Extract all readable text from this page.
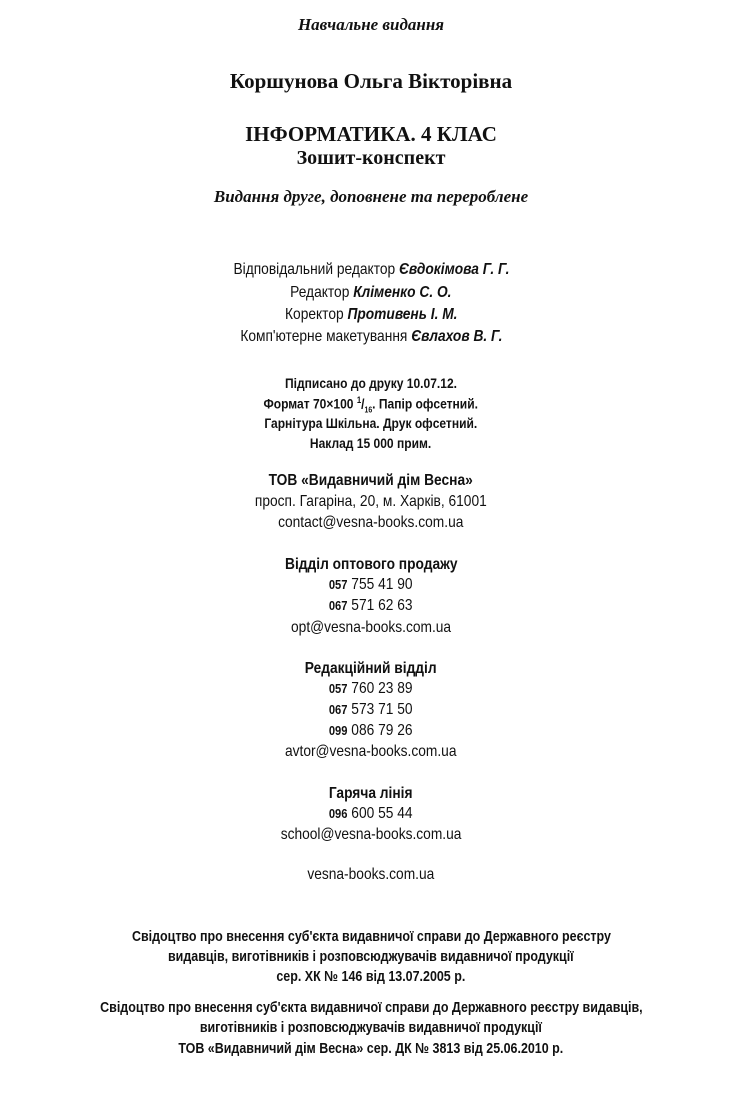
Навчальне видання
Коршунова Ольга Вікторівна
ІНФОРМАТИКА. 4 КЛАС
Зошит-конспект
Видання друге, доповнене та перероблене
Відповідальний редактор Євдокімова Г. Г.
Редактор Кліменко С. О.
Коректор Противень І. М.
Комп'ютерне макетування Євлахов В. Г.
Підписано до друку 10.07.12.
Формат 70×100 $^1/_{16}$. Папір офсетний.
Гарнітура Шкільна. Друк офсетний.
Наклад 15 000 прим.
ТОВ «Видавничий дім Весна»
просп. Гагаріна, 20, м. Харків, 61001
contact@vesna-books.com.ua
Відділ оптового продажу
057 755 41 90
067 571 62 63
opt@vesna-books.com.ua
Редакційний відділ
057 760 23 89
067 573 71 50
099 086 79 26
avtor@vesna-books.com.ua
Гаряча лінія
096 600 55 44
school@vesna-books.com.ua
vesna-books.com.ua
Свідоцтво про внесення суб'єкта видавничої справи до Державного реєстру
видавців, виготівників і розповсюджувачів видавничої продукції
сер. ХК № 146 від 13.07.2005 р.
Свідоцтво про внесення суб'єкта видавничої справи до Державного реєстру видавців,
виготівників і розповсюджувачів видавничої продукції
ТОВ «Видавничий дім Весна» сер. ДК № 3813 від 25.06.2010 р.
